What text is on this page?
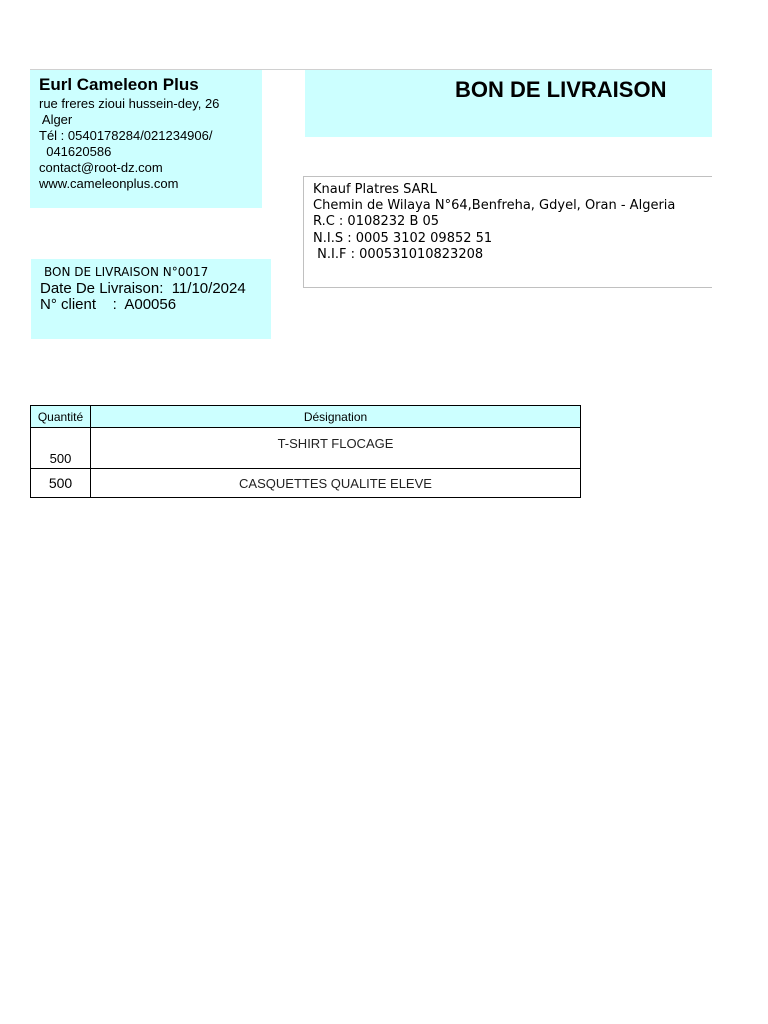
Eurl Cameleon Plus
rue freres zioui hussein-dey, 26
Alger
Tél : 0540178284/021234906/
041620586
contact@root-dz.com
www.cameleonplus.com
BON DE LIVRAISON
Knauf Platres SARL
Chemin de Wilaya N°64,Benfreha, Gdyel, Oran - Algeria
R.C : 0108232 B 05
N.I.S : 0005 3102 09852 51
N.I.F : 000531010823208
BON DE LIVRAISON N°0017
Date De Livraison:  11/10/2024
N° client    :  A00056
Quantité	Désignation
500	T-SHIRT FLOCAGE
500	CASQUETTES QUALITE ELEVE
